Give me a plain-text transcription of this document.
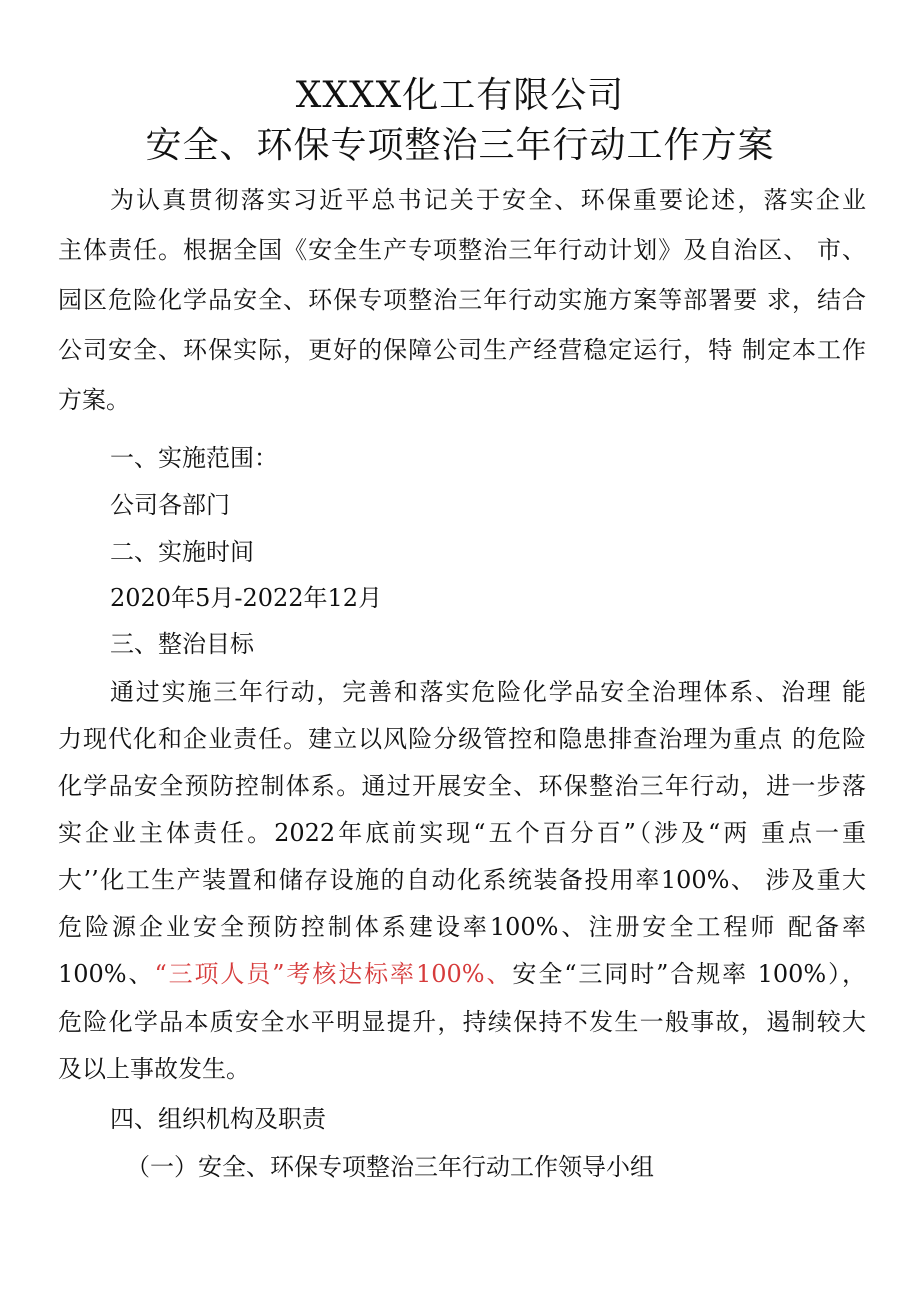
XXXX化工有限公司
安全、环保专项整治三年行动工作方案
为认真贯彻落实习近平总书记关于安全、环保重要论述，落实企业
主体责任。根据全国《安全生产专项整治三年行动计划》及自治区、 市、
园区危险化学品安全、环保专项整治三年行动实施方案等部署要 求，结合
公司安全、环保实际，更好的保障公司生产经营稳定运行，特 制定本工作
方案。
一、实施范围：
公司各部门
二、实施时间
2020年5月-2022年12月
三、整治目标
通过实施三年行动，完善和落实危险化学品安全治理体系、治理 能
力现代化和企业责任。建立以风险分级管控和隐患排查治理为重点 的危险
化学品安全预防控制体系。通过开展安全、环保整治三年行动，进一步落
实企业主体责任。2022年底前实现“五个百分百”（涉及“两 重点一重
大’’化工生产装置和储存设施的自动化系统装备投用率100%、 涉及重大
危险源企业安全预防控制体系建设率100%、注册安全工程师 配备率
100%、“三项人员”考核达标率100%、安全“三同时”合规率 100%），
危险化学品本质安全水平明显提升，持续保持不发生一般事故，遏制较大
及以上事故发生。
四、组织机构及职责
（一）安全、环保专项整治三年行动工作领导小组
